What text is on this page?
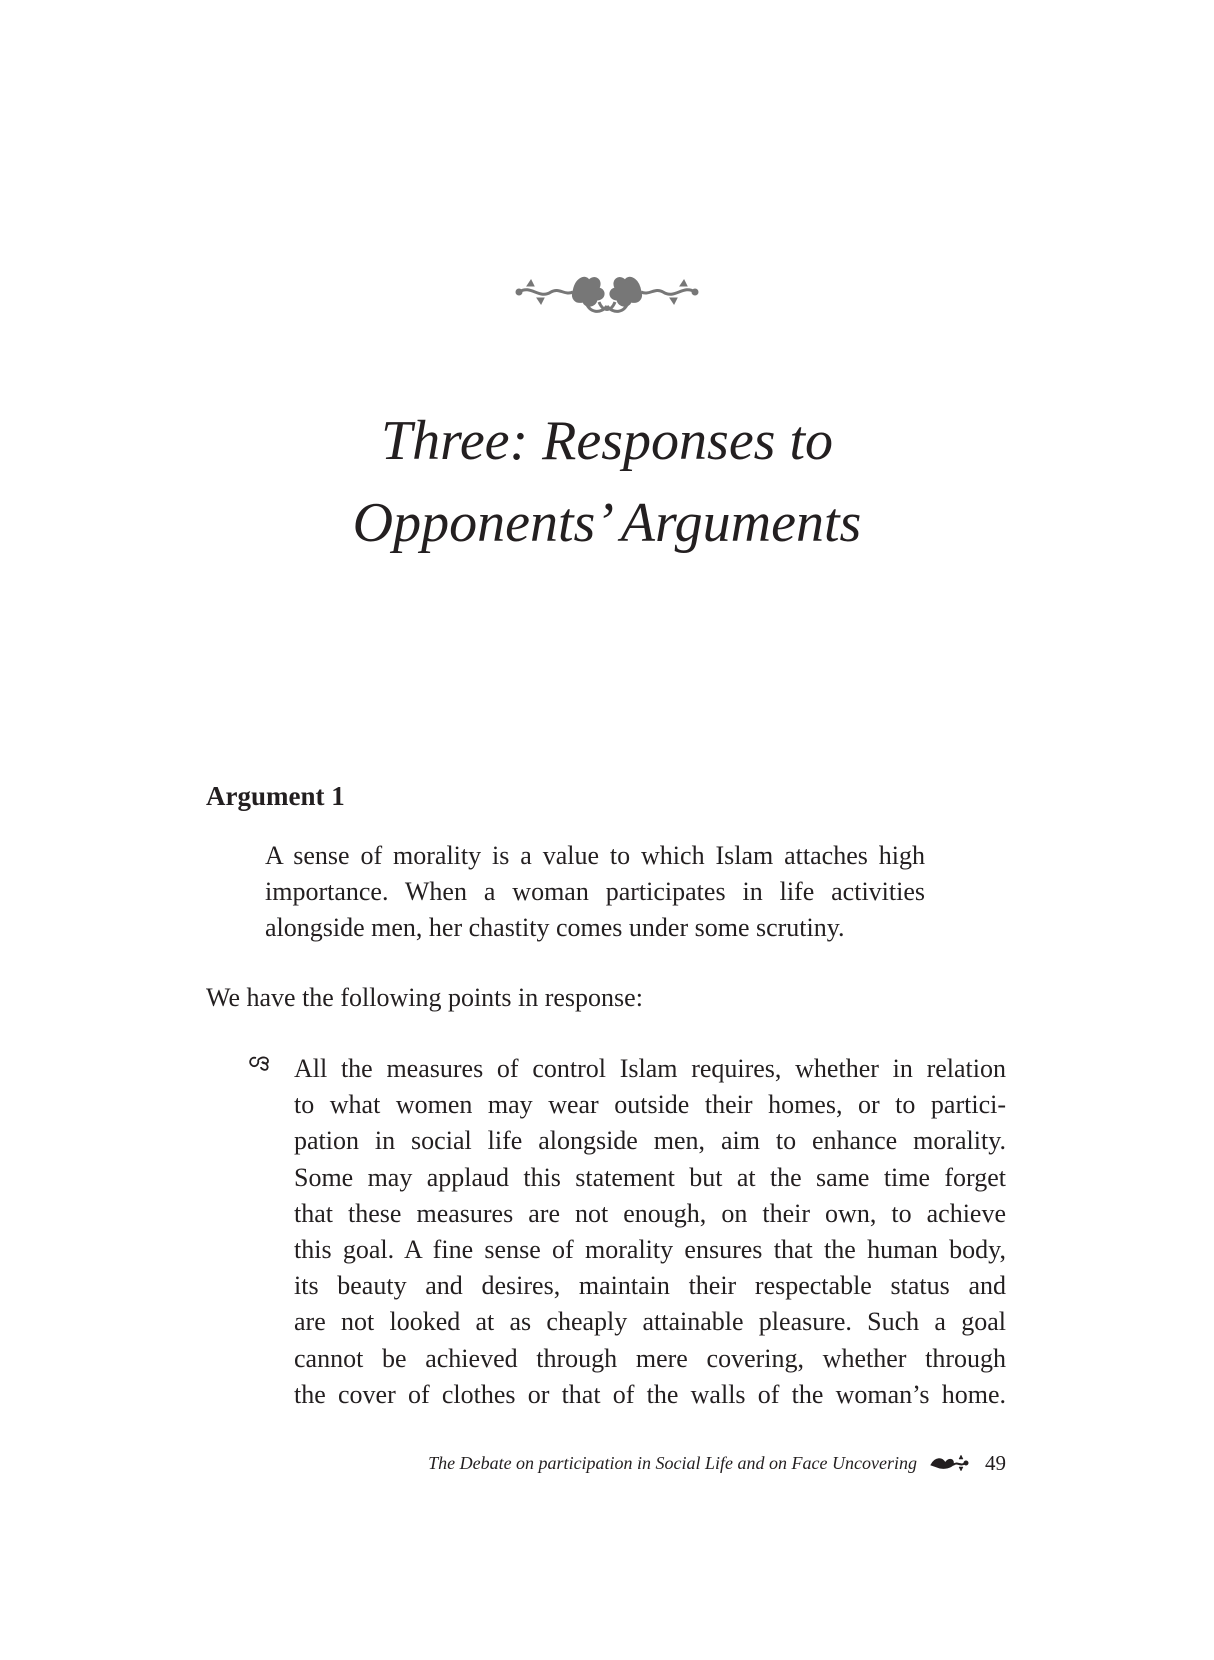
Three: Responses to
Opponents’ Arguments
Argument 1
A sense of morality is a value to which Islam attaches high
importance. When a woman participates in life activities
alongside men, her chastity comes under some scrutiny.
We have the following points in response:
All the measures of control Islam requires, whether in relation
to what women may wear outside their homes, or to partici-
pation in social life alongside men, aim to enhance morality.
Some may applaud this statement but at the same time forget
that these measures are not enough, on their own, to achieve
this goal. A fine sense of morality ensures that the human body,
its beauty and desires, maintain their respectable status and
are not looked at as cheaply attainable pleasure. Such a goal
cannot be achieved through mere covering, whether through
the cover of clothes or that of the walls of the woman’s home.
The Debate on participation in Social Life and on Face Uncovering	49
